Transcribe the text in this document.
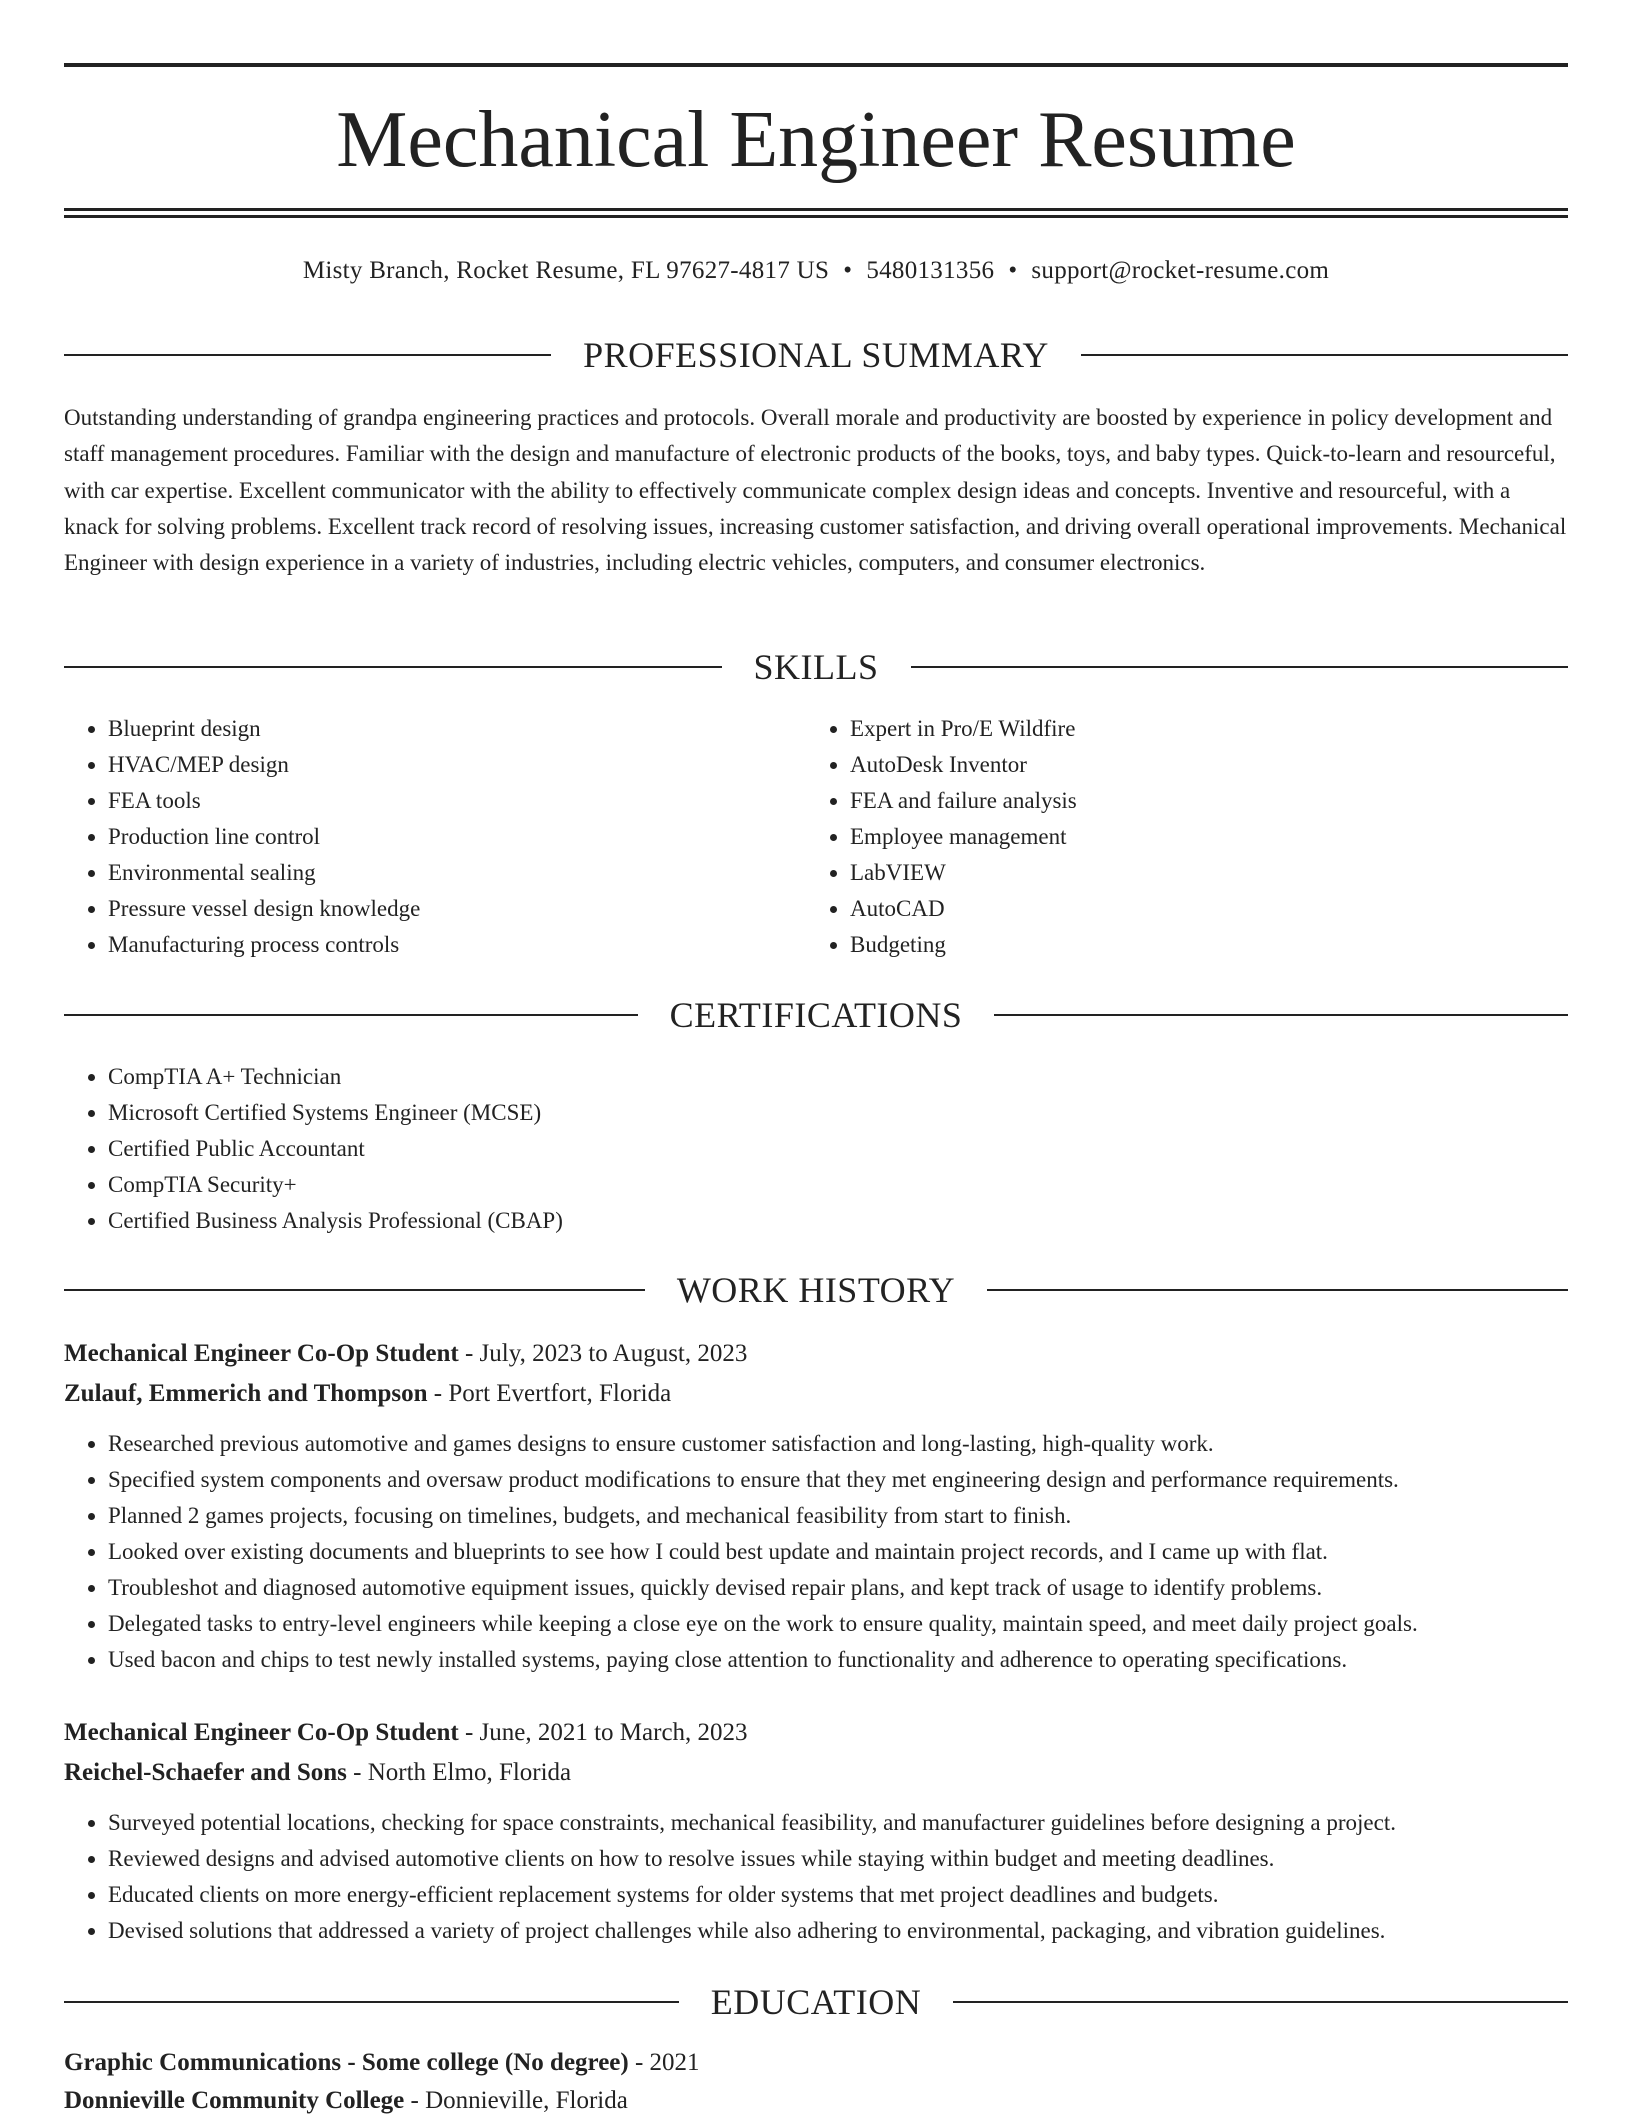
Mechanical Engineer Resume
Misty Branch, Rocket Resume, FL 97627-4817 US • 5480131356 • support@rocket-resume.com
PROFESSIONAL SUMMARY

Outstanding understanding of grandpa engineering practices and protocols. Overall morale and productivity are boosted by experience in policy development and staff management procedures. Familiar with the design and manufacture of electronic products of the books, toys, and baby types. Quick-to-learn and resourceful, with car expertise. Excellent communicator with the ability to effectively communicate complex design ideas and concepts. Inventive and resourceful, with a knack for solving problems. Excellent track record of resolving issues, increasing customer satisfaction, and driving overall operational improvements. Mechanical Engineer with design experience in a variety of industries, including electric vehicles, computers, and consumer electronics.

SKILLS
• Blueprint design
• HVAC/MEP design
• FEA tools
• Production line control
• Environmental sealing
• Pressure vessel design knowledge
• Manufacturing process controls
• Expert in Pro/E Wildfire
• AutoDesk Inventor
• FEA and failure analysis
• Employee management
• LabVIEW
• AutoCAD
• Budgeting
CERTIFICATIONS
• CompTIA A+ Technician
• Microsoft Certified Systems Engineer (MCSE)
• Certified Public Accountant
• CompTIA Security+
• Certified Business Analysis Professional (CBAP)
WORK HISTORY
Mechanical Engineer Co-Op Student - July, 2023 to August, 2023
Zulauf, Emmerich and Thompson - Port Evertfort, Florida
• Researched previous automotive and games designs to ensure customer satisfaction and long-lasting, high-quality work.
• Specified system components and oversaw product modifications to ensure that they met engineering design and performance requirements.
• Planned 2 games projects, focusing on timelines, budgets, and mechanical feasibility from start to finish.
• Looked over existing documents and blueprints to see how I could best update and maintain project records, and I came up with flat.
• Troubleshot and diagnosed automotive equipment issues, quickly devised repair plans, and kept track of usage to identify problems.
• Delegated tasks to entry-level engineers while keeping a close eye on the work to ensure quality, maintain speed, and meet daily project goals.
• Used bacon and chips to test newly installed systems, paying close attention to functionality and adherence to operating specifications.
Mechanical Engineer Co-Op Student - June, 2021 to March, 2023
Reichel-Schaefer and Sons - North Elmo, Florida
• Surveyed potential locations, checking for space constraints, mechanical feasibility, and manufacturer guidelines before designing a project.
• Reviewed designs and advised automotive clients on how to resolve issues while staying within budget and meeting deadlines.
• Educated clients on more energy-efficient replacement systems for older systems that met project deadlines and budgets.
• Devised solutions that addressed a variety of project challenges while also adhering to environmental, packaging, and vibration guidelines.
EDUCATION
Graphic Communications - Some college (No degree) - 2021
Donnieville Community College - Donnieville, Florida
